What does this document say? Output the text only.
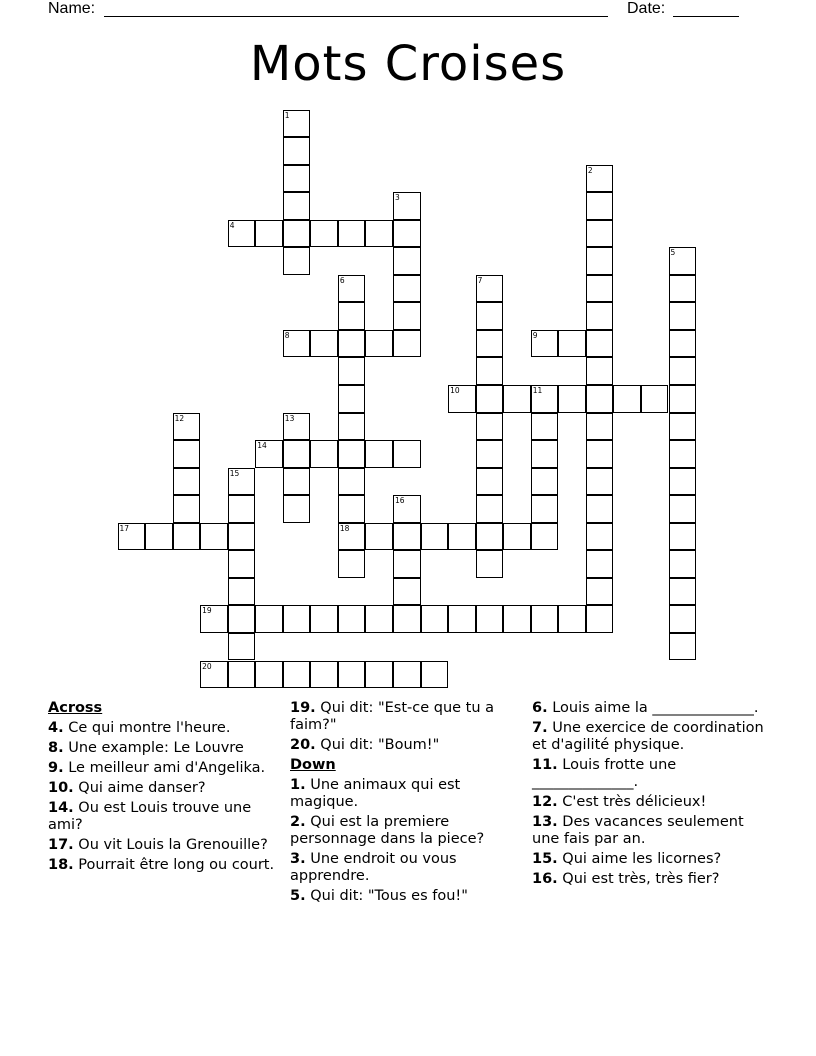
Name:	Date:
Mots Croises
1
2
3
4
5
6
18
7
8	9
10	11
12	13
14
15
16
17
19
20
Across
4. Ce qui montre l'heure.
8. Une example: Le Louvre
9. Le meilleur ami d'Angelika.
10. Qui aime danser?
14. Ou est Louis trouve une ami?
17. Ou vit Louis la Grenouille?
18. Pourrait être long ou court.
19. Qui dit: "Est-ce que tu a faim?"
20. Qui dit: "Boum!"
Down
1. Une animaux qui est magique.
2. Qui est la premiere personnage dans la piece?
3. Une endroit ou vous apprendre.
5. Qui dit: "Tous es fou!"
6. Louis aime la ______________.
7. Une exercice de coordination et d'agilité physique.
11. Louis frotte une ______________.
12. C'est très délicieux!
13. Des vacances seulement une fais par an.
15. Qui aime les licornes?
16. Qui est très, très fier?
